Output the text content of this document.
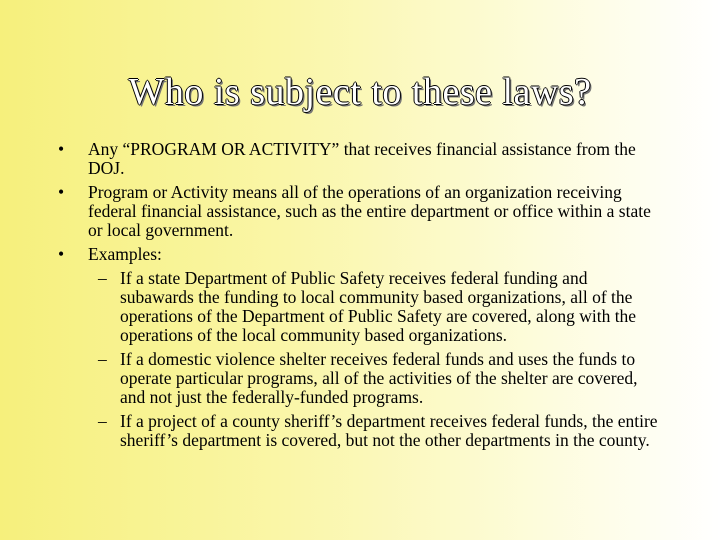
Who is subject to these laws?
• Any “PROGRAM OR ACTIVITY” that receives financial assistance from the DOJ.
• Program or Activity means all of the operations of an organization receiving federal financial assistance, such as the entire department or office within a state or local government.
• Examples:
– If a state Department of Public Safety receives federal funding and subawards the funding to local community based organizations, all of the operations of the Department of Public Safety are covered, along with the operations of the local community based organizations.
– If a domestic violence shelter receives federal funds and uses the funds to operate particular programs, all of the activities of the shelter are covered, and not just the federally-funded programs.
– If a project of a county sheriff’s department receives federal funds, the entire sheriff’s department is covered, but not the other departments in the county.
